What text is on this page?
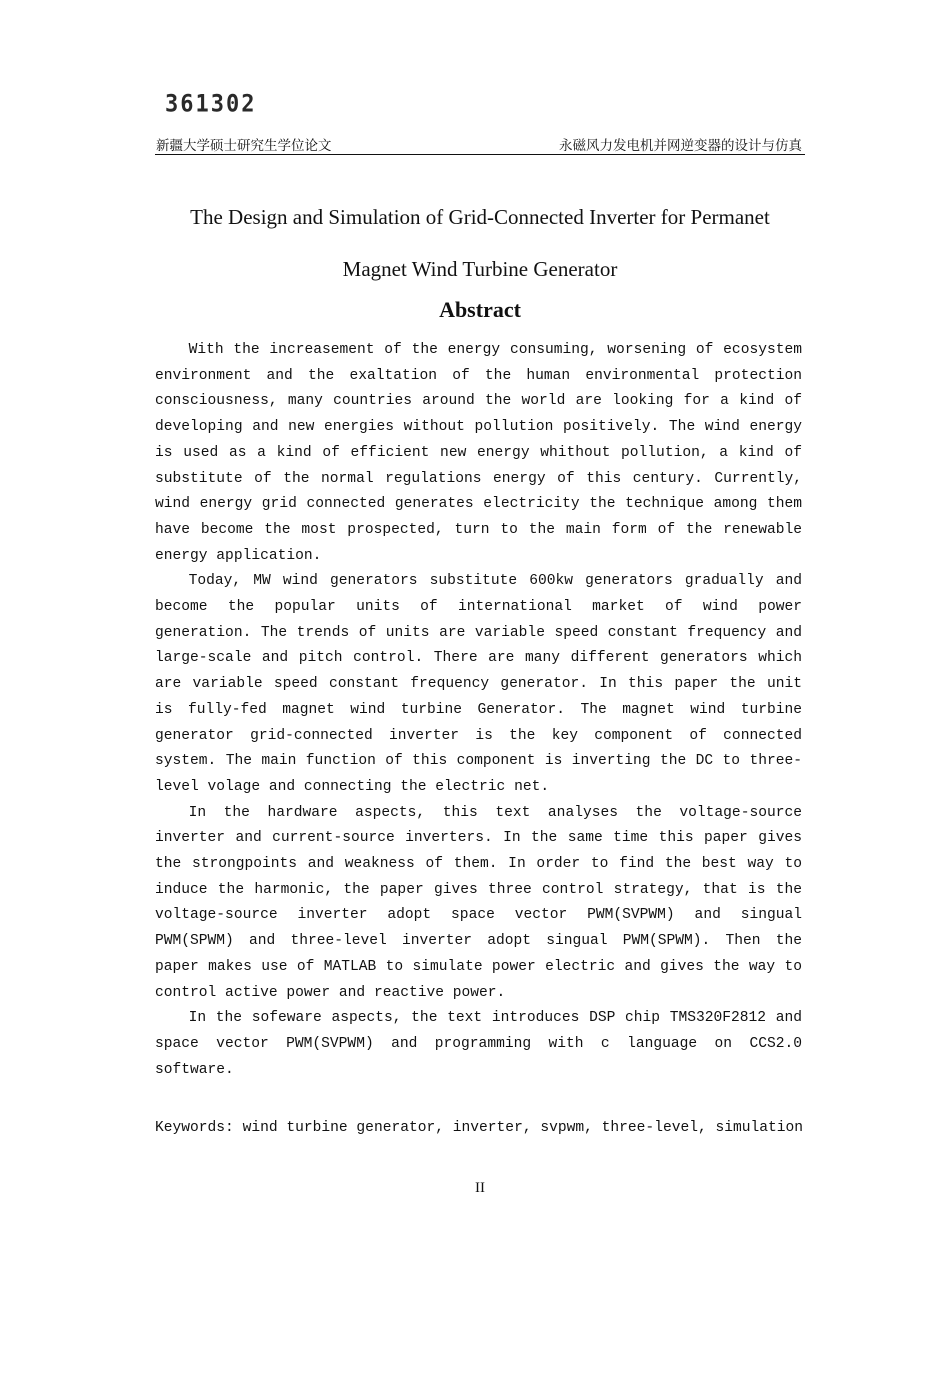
361302
新疆大学硕士研究生学位论文	永磁风力发电机并网逆变器的设计与仿真
The Design and Simulation of Grid-Connected Inverter for Permanet
Magnet Wind Turbine Generator
Abstract

With the increasement of the energy consuming, worsening of ecosystem environment and the exaltation of the human environmental protection consciousness, many countries around the world are looking for a kind of developing and new energies without pollution positively. The wind energy is used as a kind of efficient new energy whithout pollution, a kind of substitute of the normal regulations energy of this century. Currently, wind energy grid connected generates electricity the technique among them have become the most prospected, turn to the main form of the renewable energy application.

Today, MW wind generators substitute 600kw generators gradually and become the popular units of international market of wind power generation. The trends of units are variable speed constant frequency and large-scale and pitch control. There are many different generators which are variable speed constant frequency generator. In this paper the unit is fully-fed magnet wind turbine Generator. The magnet wind turbine generator grid-connected inverter is the key component of connected system. The main function of this component is inverting the DC to three-level volage and connecting the electric net.

In the hardware aspects, this text analyses the voltage-source inverter and current-source inverters. In the same time this paper gives the strongpoints and weakness of them. In order to find the best way to induce the harmonic, the paper gives three control strategy, that is the voltage-source inverter adopt space vector PWM(SVPWM) and singual PWM(SPWM) and three-level inverter adopt singual PWM(SPWM). Then the paper makes use of MATLAB to simulate power electric and gives the way to control active power and reactive power.

In the sofeware aspects, the text introduces DSP chip TMS320F2812 and space vector PWM(SVPWM) and programming with c language on CCS2.0 software.

Keywords: wind turbine generator, inverter, svpwm, three-level, simulation
II
